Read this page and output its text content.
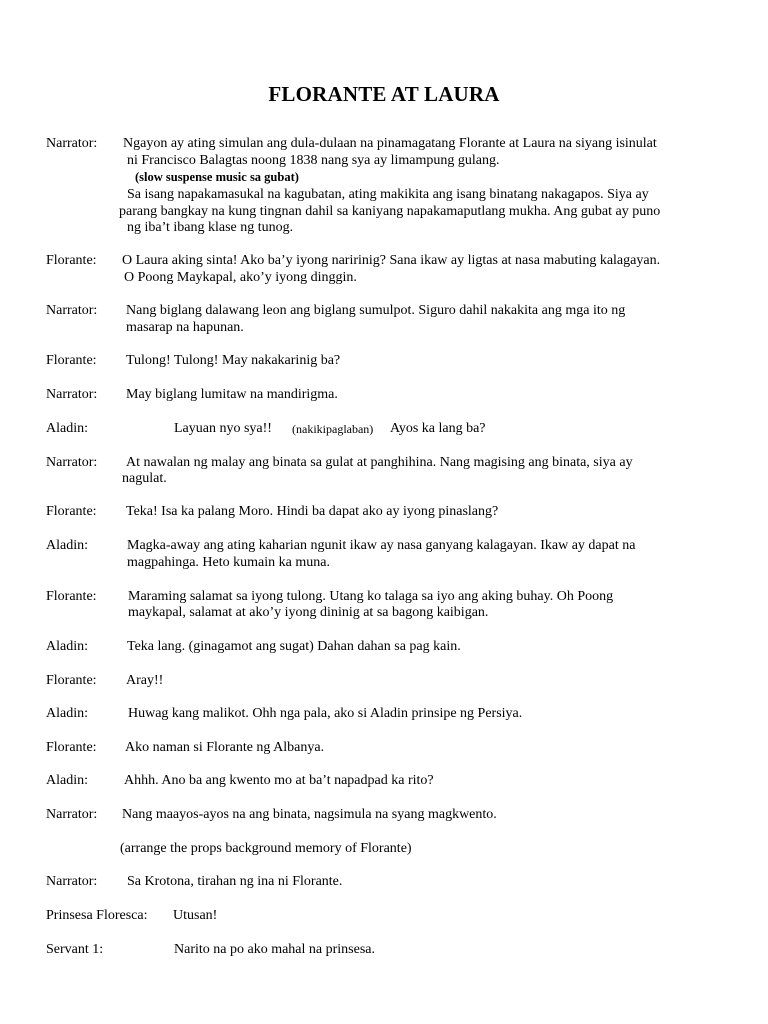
FLORANTE AT LAURA
Narrator: Ngayon ay ating simulan ang dula-dulaan na pinamagatang Florante at Laura na siyang isinulat
ni Francisco Balagtas noong 1838 nang sya ay limampung gulang.
(slow suspense music sa gubat)
Sa isang napakamasukal na kagubatan, ating makikita ang isang binatang nakagapos. Siya ay
parang bangkay na kung tingnan dahil sa kaniyang napakamaputlang mukha. Ang gubat ay puno
ng iba’t ibang klase ng tunog.
Florante: O Laura aking sinta! Ako ba’y iyong naririnig? Sana ikaw ay ligtas at nasa mabuting kalagayan.
O Poong Maykapal, ako’y iyong dinggin.
Narrator: Nang biglang dalawang leon ang biglang sumulpot. Siguro dahil nakakita ang mga ito ng
masarap na hapunan.
Florante: Tulong! Tulong! May nakakarinig ba?
Narrator: May biglang lumitaw na mandirigma.
Aladin:	Layuan nyo sya!! (nakikipaglaban) Ayos ka lang ba?
Narrator: At nawalan ng malay ang binata sa gulat at panghihina. Nang magising ang binata, siya ay
nagulat.
Florante: Teka! Isa ka palang Moro. Hindi ba dapat ako ay iyong pinaslang?
Aladin:	Magka-away ang ating kaharian ngunit ikaw ay nasa ganyang kalagayan. Ikaw ay dapat na
magpahinga. Heto kumain ka muna.
Florante: Maraming salamat sa iyong tulong. Utang ko talaga sa iyo ang aking buhay. Oh Poong
maykapal, salamat at ako’y iyong dininig at sa bagong kaibigan.
Aladin:	Teka lang. (ginagamot ang sugat) Dahan dahan sa pag kain.
Florante: Aray!!
Aladin:	Huwag kang malikot. Ohh nga pala, ako si Aladin prinsipe ng Persiya.
Florante: Ako naman si Florante ng Albanya.
Aladin:	Ahhh. Ano ba ang kwento mo at ba’t napadpad ka rito?
Narrator: Nang maayos-ayos na ang binata, nagsimula na syang magkwento.
(arrange the props background memory of Florante)
Narrator: Sa Krotona, tirahan ng ina ni Florante.
Prinsesa Floresca: Utusan!
Servant 1:	Narito na po ako mahal na prinsesa.
